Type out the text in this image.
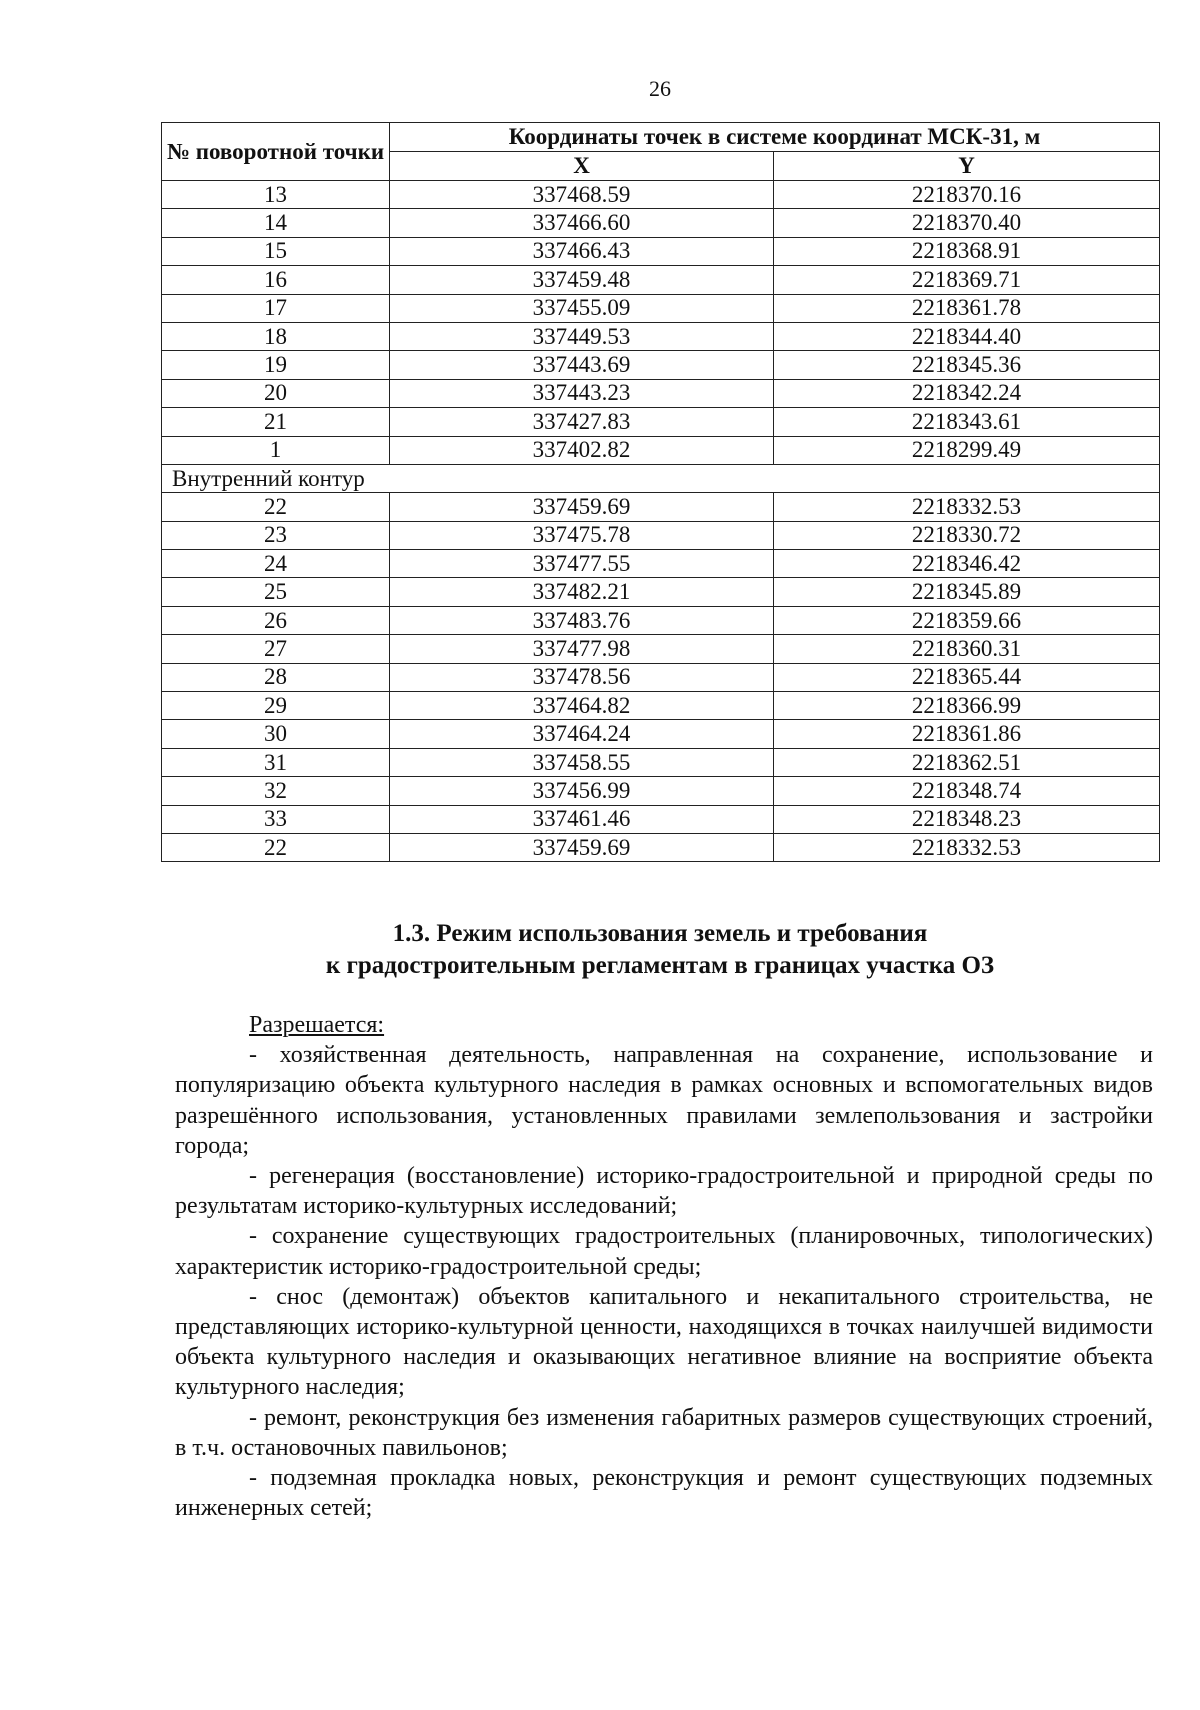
26
№ поворотной точки	Координаты точек в системе координат МСК-31, м	
	X	Y
13	337468.59	2218370.16
14	337466.60	2218370.40
15	337466.43	2218368.91
16	337459.48	2218369.71
17	337455.09	2218361.78
18	337449.53	2218344.40
19	337443.69	2218345.36
20	337443.23	2218342.24
21	337427.83	2218343.61
1	337402.82	2218299.49
Внутренний контур		
22	337459.69	2218332.53
23	337475.78	2218330.72
24	337477.55	2218346.42
25	337482.21	2218345.89
26	337483.76	2218359.66
27	337477.98	2218360.31
28	337478.56	2218365.44
29	337464.82	2218366.99
30	337464.24	2218361.86
31	337458.55	2218362.51
32	337456.99	2218348.74
33	337461.46	2218348.23
22	337459.69	2218332.53
1.3. Режим использования земель и требования
к градостроительным регламентам в границах участка ОЗ
Разрешается:

- хозяйственная деятельность, направленная на сохранение, использование и популяризацию объекта культурного наследия в рамках основных и вспомогательных видов разрешённого использования, установленных правилами землепользования и застройки города;

- регенерация (восстановление) историко-градостроительной и природной среды по результатам историко-культурных исследований;

- сохранение существующих градостроительных (планировочных, типологических) характеристик историко-градостроительной среды;

- снос (демонтаж) объектов капитального и некапитального строительства, не представляющих историко-культурной ценности, находящихся в точках наилучшей видимости объекта культурного наследия и оказывающих негативное влияние на восприятие объекта культурного наследия;

- ремонт, реконструкция без изменения габаритных размеров существующих строений, в т.ч. остановочных павильонов;

- подземная прокладка новых, реконструкция и ремонт существующих подземных инженерных сетей;
